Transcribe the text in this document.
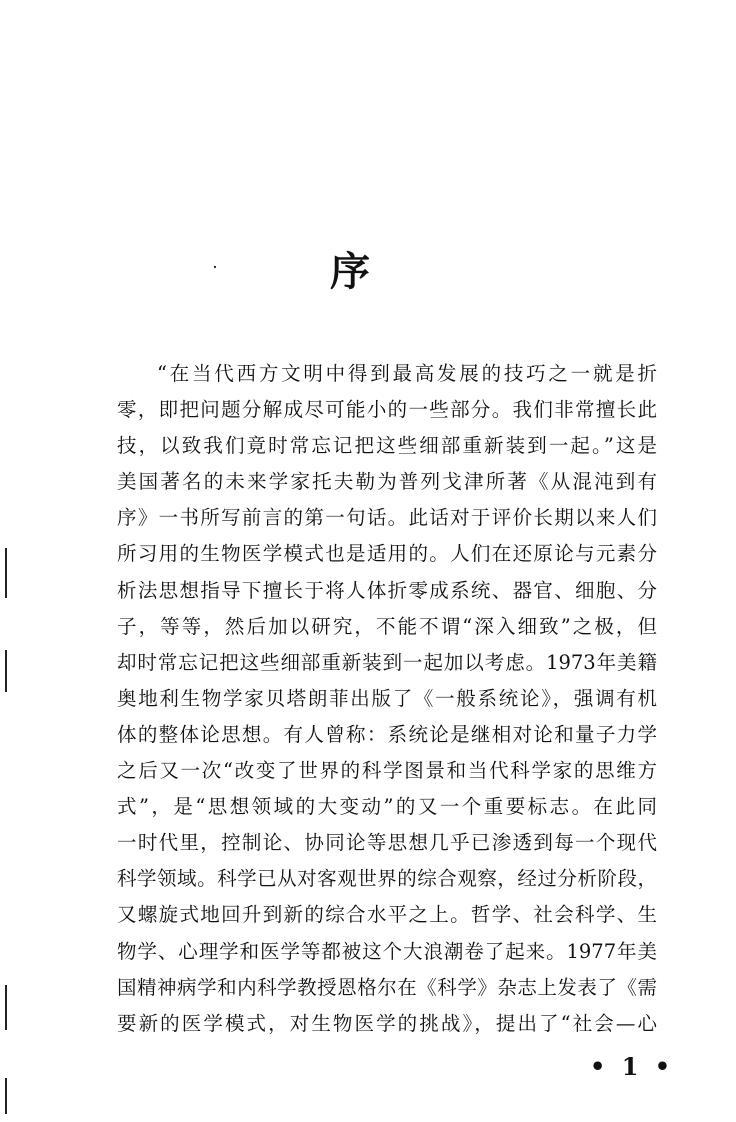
序
“在当代西方文明中得到最高发展的技巧之一就是折
零，即把问题分解成尽可能小的一些部分。我们非常擅长此
技，以致我们竟时常忘记把这些细部重新装到一起。”这是
美国著名的未来学家托夫勒为普列戈津所著《从混沌到有
序》一书所写前言的第一句话。此话对于评价长期以来人们
所习用的生物医学模式也是适用的。人们在还原论与元素分
析法思想指导下擅长于将人体折零成系统、器官、细胞、分
子，等等，然后加以研究，不能不谓“深入细致”之极，但
却时常忘记把这些细部重新装到一起加以考虑。1973年美籍
奥地利生物学家贝塔朗菲出版了《一般系统论》，强调有机
体的整体论思想。有人曾称：系统论是继相对论和量子力学
之后又一次“改变了世界的科学图景和当代科学家的思维方
式”，是“思想领域的大变动”的又一个重要标志。在此同
一时代里，控制论、协同论等思想几乎已渗透到每一个现代
科学领域。科学已从对客观世界的综合观察，经过分析阶段，
又螺旋式地回升到新的综合水平之上。哲学、社会科学、生
物学、心理学和医学等都被这个大浪潮卷了起来。1977年美
国精神病学和内科学教授恩格尔在《科学》杂志上发表了《需
要新的医学模式，对生物医学的挑战》，提出了“社会—心
• 1 •
